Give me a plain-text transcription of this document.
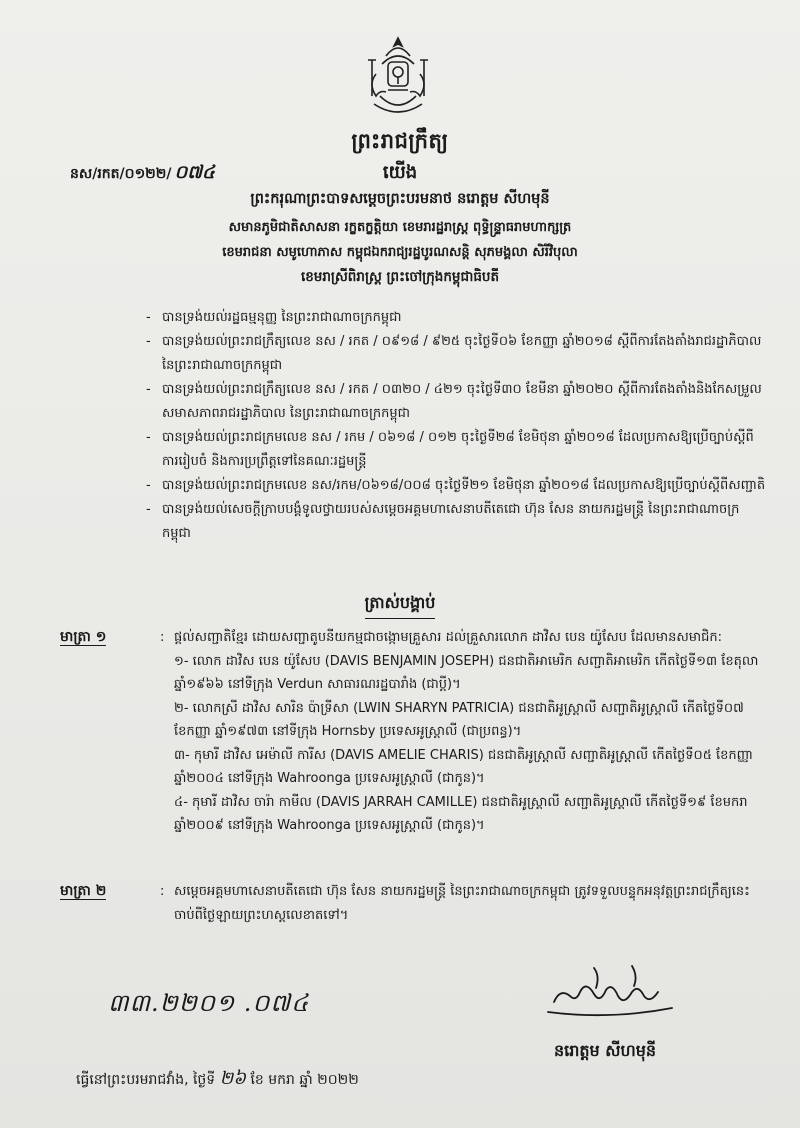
ព្រះរាជក្រឹត្យ
នស/រកត/០១២២/ ០៧៤	យើង
ព្រះករុណាព្រះបាទសម្តេចព្រះបរមនាថ នរោត្តម សីហមុនី
សមានភូមិជាតិសាសនា រក្ខតក្ខត្តិយា ខេមរារដ្ឋរាស្ត្រ ពុទ្ធិន្ទ្រាធរាមហាក្សត្រ
ខេមរាជនា សមូហោភាស កម្ពុជឯករាជ្យរដ្ឋបូរណសន្តិ សុភមង្គលា សិរីវិបុលា
ខេមរាស្រីពិរាស្ត្រ ព្រះចៅក្រុងកម្ពុជាធិបតី
- បានទ្រង់យល់រដ្ឋធម្មនុញ្ញ នៃព្រះរាជាណាចក្រកម្ពុជា
- បានទ្រង់យល់ព្រះរាជក្រឹត្យលេខ នស / រកត / ០៩១៨ / ៩២៥ ចុះថ្ងៃទី០៦ ខែកញ្ញា ឆ្នាំ២០១៨ ស្តីពីការតែងតាំងរាជរដ្ឋាភិបាល នៃព្រះរាជាណាចក្រកម្ពុជា
- បានទ្រង់យល់ព្រះរាជក្រឹត្យលេខ នស / រកត / ០៣២០ / ៤២១ ចុះថ្ងៃទី៣០ ខែមីនា ឆ្នាំ២០២០ ស្តីពីការតែងតាំងនិងកែសម្រួលសមាសភាពរាជរដ្ឋាភិបាល នៃព្រះរាជាណាចក្រកម្ពុជា
- បានទ្រង់យល់ព្រះរាជក្រមលេខ នស / រកម / ០៦១៨ / ០១២ ចុះថ្ងៃទី២៨ ខែមិថុនា ឆ្នាំ២០១៨ ដែលប្រកាសឱ្យប្រើច្បាប់ស្តីពីការរៀបចំ និងការប្រព្រឹត្តទៅនៃគណៈរដ្ឋមន្ត្រី
- បានទ្រង់យល់ព្រះរាជក្រមលេខ នស/រកម/០៦១៨/០០៨ ចុះថ្ងៃទី២១ ខែមិថុនា ឆ្នាំ២០១៨ ដែលប្រកាសឱ្យប្រើច្បាប់ស្តីពីសញ្ជាតិ
- បានទ្រង់យល់សេចក្តីក្រាបបង្គំទូលថ្វាយរបស់សម្តេចអគ្គមហាសេនាបតីតេជោ ហ៊ុន សែន នាយករដ្ឋមន្ត្រី នៃព្រះរាជាណាចក្រកម្ពុជា
ត្រាស់បង្គាប់
មាត្រា ១	: ផ្តល់សញ្ជាតិខ្មែរ ដោយសញ្ជាតូបនីយកម្មជាចង្កោមគ្រួសារ ដល់គ្រួសារលោក ដាវិស បេន យ៉ូសែប ដែលមានសមាជិក:
១- លោក ដាវិស បេន យ៉ូសែប (DAVIS BENJAMIN JOSEPH) ជនជាតិអាមេរិក សញ្ជាតិអាមេរិក កើតថ្ងៃទី១៣ ខែតុលា ឆ្នាំ១៩៦៦ នៅទីក្រុង Verdun សាធារណរដ្ឋបារាំង (ជាប្តី)។
២- លោកស្រី ដាវិស សារិន ប៉ាទ្រីសា (LWIN SHARYN PATRICIA) ជនជាតិអូស្ត្រាលី សញ្ជាតិអូស្ត្រាលី កើតថ្ងៃទី០៧ ខែកញ្ញា ឆ្នាំ១៩៧៣ នៅទីក្រុង Hornsby ប្រទេសអូស្ត្រាលី (ជាប្រពន្ធ)។
៣- កុមារី ដាវិស អេម៉ាលី ការីស (DAVIS AMELIE CHARIS) ជនជាតិអូស្ត្រាលី សញ្ជាតិអូស្ត្រាលី កើតថ្ងៃទី០៥ ខែកញ្ញា ឆ្នាំ២០០៤ នៅទីក្រុង Wahroonga ប្រទេសអូស្ត្រាលី (ជាកូន)។
៤- កុមារី ដាវិស ចារ៉ា កាមីល (DAVIS JARRAH CAMILLE) ជនជាតិអូស្ត្រាលី សញ្ជាតិអូស្ត្រាលី កើតថ្ងៃទី១៩ ខែមករា ឆ្នាំ២០០៩ នៅទីក្រុង Wahroonga ប្រទេសអូស្ត្រាលី (ជាកូន)។
មាត្រា ២	: សម្តេចអគ្គមហាសេនាបតីតេជោ ហ៊ុន សែន នាយករដ្ឋមន្ត្រី នៃព្រះរាជាណាចក្រកម្ពុជា ត្រូវទទួលបន្ទុកអនុវត្តព្រះរាជក្រឹត្យនេះ ចាប់ពីថ្ងៃឡាយព្រះហស្តលេខាតទៅ។
៣៣.២២០១ .០៧៤
នរោត្តម សីហមុនី
ធ្វើនៅព្រះបរមរាជវាំង, ថ្ងៃទី ២៦ ខែ មករា ឆ្នាំ ២០២២
